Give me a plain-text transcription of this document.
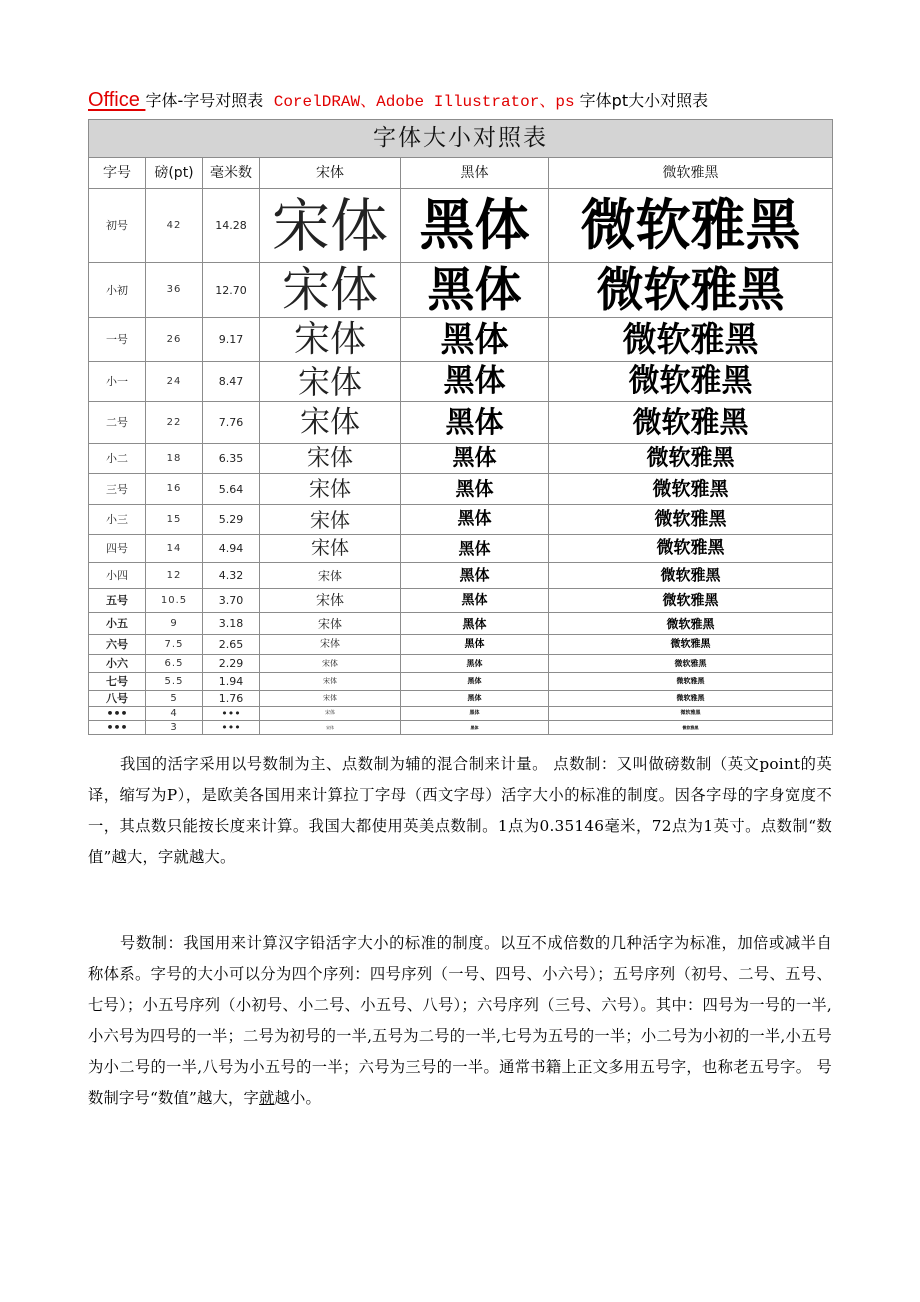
Office 字体-字号对照表 CorelDRAW、Adobe Illustrator、ps 字体pt大小对照表
字体大小对照表					
字号	磅(pt)	毫米数	宋体	黑体	微软雅黑
初号	42	14.28	宋体	黑体	微软雅黑
小初	36	12.70	宋体	黑体	微软雅黑
一号	26	9.17	宋体	黑体	微软雅黑
小一	24	8.47	宋体	黑体	微软雅黑
二号	22	7.76	宋体	黑体	微软雅黑
小二	18	6.35	宋体	黑体	微软雅黑
三号	16	5.64	宋体	黑体	微软雅黑
小三	15	5.29	宋体	黑体	微软雅黑
四号	14	4.94	宋体	黑体	微软雅黑
小四	12	4.32	宋体	黑体	微软雅黑
五号	10.5	3.70	宋体	黑体	微软雅黑
小五	9	3.18	宋体	黑体	微软雅黑
六号	7.5	2.65	宋体	黑体	微软雅黑
小六	6.5	2.29	宋体	黑体	微软雅黑
七号	5.5	1.94	宋体	黑体	微软雅黑
八号	5	1.76	宋体	黑体	微软雅黑
•••	4	•••	宋体	黑体	微软雅黑
•••	3	•••	宋体	黑体	微软雅黑

我国的活字采用以号数制为主、点数制为辅的混合制来计量。 点数制：又叫做磅数制（英文point的英译，缩写为P），是欧美各国用来计算拉丁字母（西文字母）活字大小的标准的制度。因各字母的字身宽度不一，其点数只能按长度来计算。我国大都使用英美点数制。1点为0.35146毫米，72点为1英寸。点数制“数值”越大，字就越大。

号数制：我国用来计算汉字铅活字大小的标准的制度。以互不成倍数的几种活字为标准，加倍或减半自称体系。字号的大小可以分为四个序列：四号序列（一号、四号、小六号）；五号序列（初号、二号、五号、七号）；小五号序列（小初号、小二号、小五号、八号）；六号序列（三号、六号）。其中：四号为一号的一半,小六号为四号的一半；二号为初号的一半,五号为二号的一半,七号为五号的一半；小二号为小初的一半,小五号为小二号的一半,八号为小五号的一半；六号为三号的一半。通常书籍上正文多用五号字，也称老五号字。 号数制字号“数值”越大，字就越小。
